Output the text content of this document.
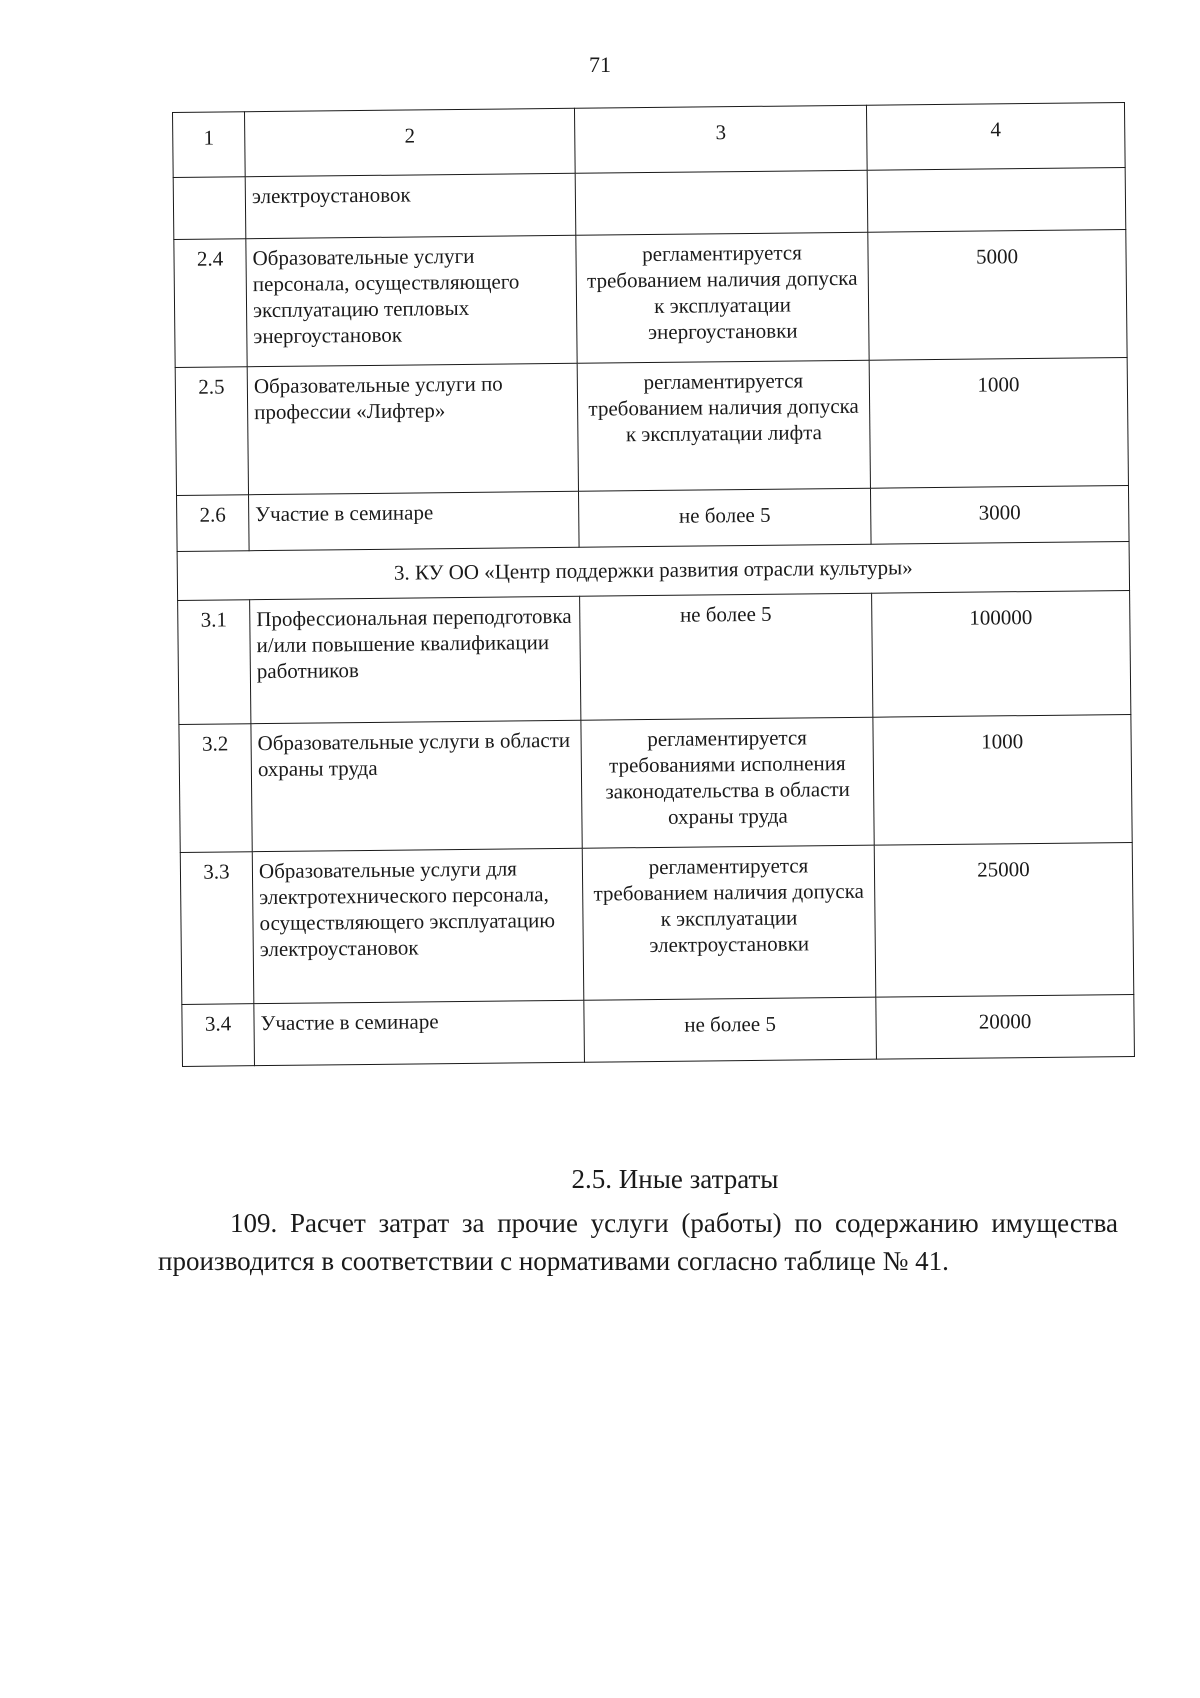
71
1	2	3	4
	электроустановок		
2.4	Образовательные услуги персонала, осуществляющего эксплуатацию тепловых энергоустановок	регламентируется требованием наличия допуска к эксплуатации энергоустановки	5000
2.5	Образовательные услуги по профессии «Лифтер»	регламентируется требованием наличия допуска к эксплуатации лифта	1000
2.6	Участие в семинаре	не более 5	3000
3. КУ ОО «Центр поддержки развития отрасли культуры»			
3.1	Профессиональная переподготовка и/или повышение квалификации работников	не более 5	100000
3.2	Образовательные услуги в области охраны труда	регламентируется требованиями исполнения законодательства в области охраны труда	1000
3.3	Образовательные услуги для электротехнического персонала, осуществляющего эксплуатацию электроустановок	регламентируется требованием наличия допуска к эксплуатации электроустановки	25000
3.4	Участие в семинаре	не более 5	20000
2.5. Иные затраты
109. Расчет затрат за прочие услуги (работы) по содержанию имущества производится в соответствии с нормативами согласно таблице № 41.
